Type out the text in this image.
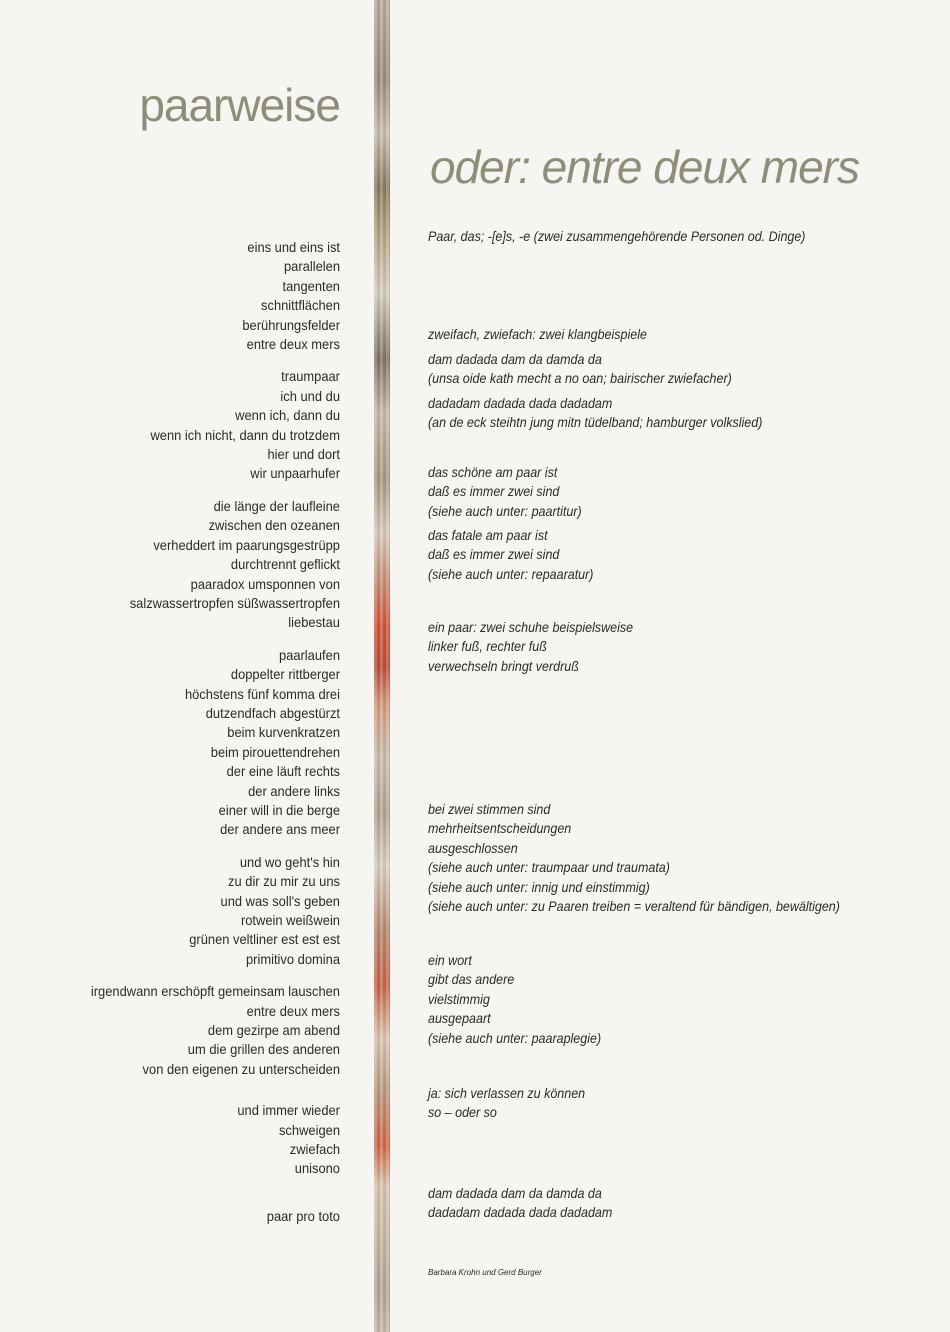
paarweise
oder: entre deux mers
eins und eins ist
parallelen
tangenten
schnittflächen
berührungsfelder
entre deux mers
traumpaar
ich und du
wenn ich, dann du
wenn ich nicht, dann du trotzdem
hier und dort
wir unpaarhufer
die länge der laufleine
zwischen den ozeanen
verheddert im paarungsgestrüpp
durchtrennt geflickt
paaradox umsponnen von
salzwassertropfen süßwassertropfen
liebestau
paarlaufen
doppelter rittberger
höchstens fünf komma drei
dutzendfach abgestürzt
beim kurvenkratzen
beim pirouettendrehen
der eine läuft rechts
der andere links
einer will in die berge
der andere ans meer
und wo geht's hin
zu dir zu mir zu uns
und was soll's geben
rotwein weißwein
grünen veltliner est est est
primitivo domina
irgendwann erschöpft gemeinsam lauschen
entre deux mers
dem gezirpe am abend
um die grillen des anderen
von den eigenen zu unterscheiden
und immer wieder
schweigen
zwiefach
unisono
paar pro toto
Paar, das; -[e]s, -e (zwei zusammengehörende Personen od. Dinge)
zweifach, zwiefach: zwei klangbeispiele
dam dadada dam da damda da
(unsa oide kath mecht a no oan; bairischer zwiefacher)
dadadam dadada dada dadadam
(an de eck steihtn jung mitn tüdelband; hamburger volkslied)
das schöne am paar ist
daß es immer zwei sind
(siehe auch unter: paartitur)
das fatale am paar ist
daß es immer zwei sind
(siehe auch unter: repaaratur)
ein paar: zwei schuhe beispielsweise
linker fuß, rechter fuß
verwechseln bringt verdruß
bei zwei stimmen sind
mehrheitsentscheidungen
ausgeschlossen
(siehe auch unter: traumpaar und traumata)
(siehe auch unter: innig und einstimmig)
(siehe auch unter: zu Paaren treiben = veraltend für bändigen, bewältigen)
ein wort
gibt das andere
vielstimmig
ausgepaart
(siehe auch unter: paaraplegie)
ja: sich verlassen zu können
so – oder so
dam dadada dam da damda da
dadadam dadada dada dadadam
Barbara Krohn und Gerd Burger
